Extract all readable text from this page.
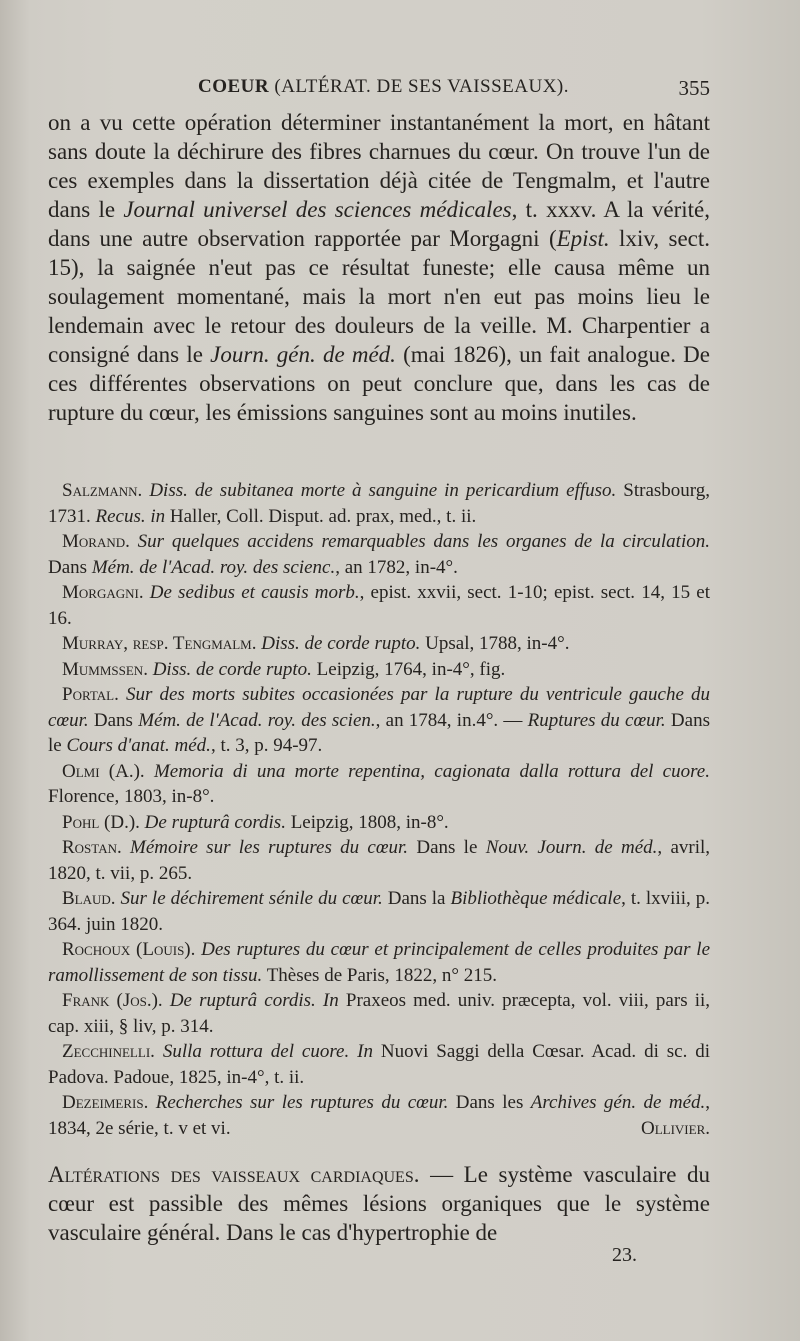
COEUR (ALTÉRAT. DE SES VAISSEAUX).	355

on a vu cette opération déterminer instantanément la mort, en hâtant sans doute la déchirure des fibres charnues du cœur. On trouve l'un de ces exemples dans la dissertation déjà citée de Tengmalm, et l'autre dans le Journal universel des sciences médicales, t. xxxv. A la vérité, dans une autre observation rapportée par Morgagni (Epist. lxiv, sect. 15), la saignée n'eut pas ce résultat funeste; elle causa même un soulagement momentané, mais la mort n'en eut pas moins lieu le lendemain avec le retour des douleurs de la veille. M. Charpentier a consigné dans le Journ. gén. de méd. (mai 1826), un fait analogue. De ces différentes observations on peut conclure que, dans les cas de rupture du cœur, les émissions sanguines sont au moins inutiles.

Salzmann. Diss. de subitanea morte à sanguine in pericardium effuso. Strasbourg, 1731. Recus. in Haller, Coll. Disput. ad. prax, med., t. ii.

Morand. Sur quelques accidens remarquables dans les organes de la circulation. Dans Mém. de l'Acad. roy. des scienc., an 1782, in-4°.

Morgagni. De sedibus et causis morb., epist. xxvii, sect. 1-10; epist. sect. 14, 15 et 16.

Murray, resp. Tengmalm. Diss. de corde rupto. Upsal, 1788, in-4°.

Mummssen. Diss. de corde rupto. Leipzig, 1764, in-4°, fig.

Portal. Sur des morts subites occasionées par la rupture du ventricule gauche du cœur. Dans Mém. de l'Acad. roy. des scien., an 1784, in.4°. — Ruptures du cœur. Dans le Cours d'anat. méd., t. 3, p. 94-97.

Olmi (A.). Memoria di una morte repentina, cagionata dalla rottura del cuore. Florence, 1803, in-8°.

Pohl (D.). De rupturâ cordis. Leipzig, 1808, in-8°.

Rostan. Mémoire sur les ruptures du cœur. Dans le Nouv. Journ. de méd., avril, 1820, t. vii, p. 265.

Blaud. Sur le déchirement sénile du cœur. Dans la Bibliothèque médicale, t. lxviii, p. 364. juin 1820.

Rochoux (Louis). Des ruptures du cœur et principalement de celles produites par le ramollissement de son tissu. Thèses de Paris, 1822, n° 215.

Frank (Jos.). De rupturâ cordis. In Praxeos med. univ. præcepta, vol. viii, pars ii, cap. xiii, § liv, p. 314.

Zecchinelli. Sulla rottura del cuore. In Nuovi Saggi della Cœsar. Acad. di sc. di Padova. Padoue, 1825, in-4°, t. ii.

Dezeimeris. Recherches sur les ruptures du cœur. Dans les Archives gén. de méd., 1834, 2e série, t. v et vi.	Ollivier.

Altérations des vaisseaux cardiaques. — Le système vasculaire du cœur est passible des mêmes lésions organiques que le système vasculaire général. Dans le cas d'hypertrophie de

23.
